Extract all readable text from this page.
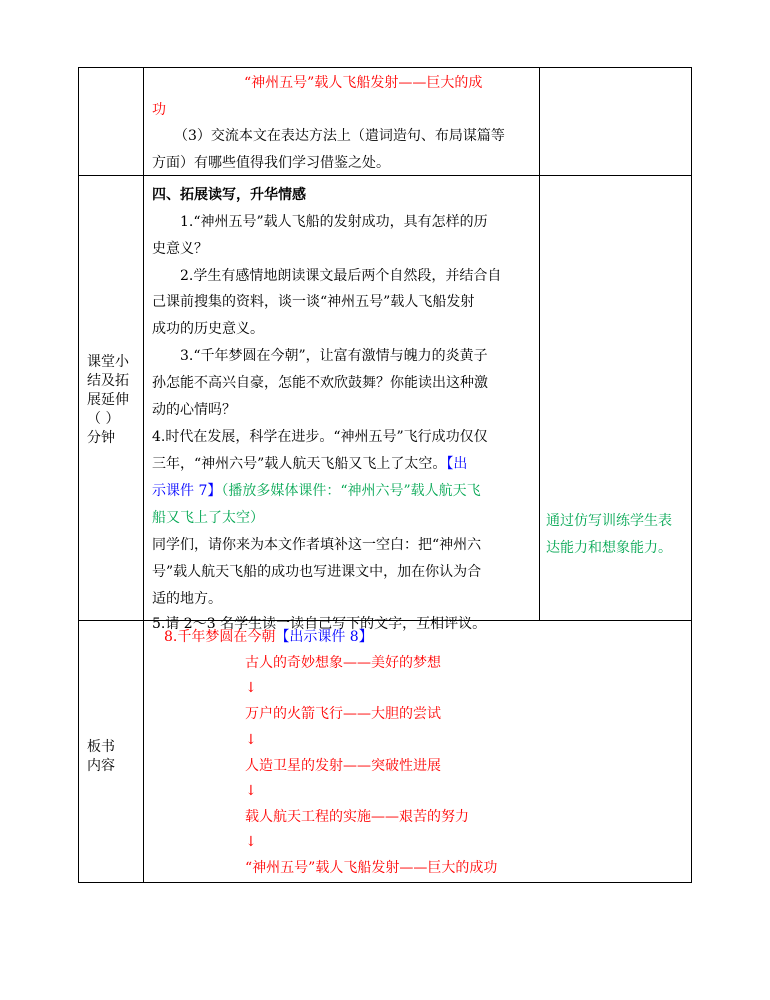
“神州五号”载人飞船发射——巨大的成
功
（3）交流本文在表达方法上（遣词造句、布局谋篇等
方面）有哪些值得我们学习借鉴之处。
课堂小
结及拓
展延伸
（ ）
分钟
四、拓展读写，升华情感
1.“神州五号”载人飞船的发射成功，具有怎样的历
史意义？
2.学生有感情地朗读课文最后两个自然段，并结合自
己课前搜集的资料，谈一谈“神州五号”载人飞船发射
成功的历史意义。
3.“千年梦圆在今朝”，让富有激情与魄力的炎黄子
孙怎能不高兴自豪，怎能不欢欣鼓舞？你能读出这种激
动的心情吗？
4.时代在发展，科学在进步。“神州五号”飞行成功仅仅
三年，“神州六号”载人航天飞船又飞上了太空。【出
示课件 7】（播放多媒体课件：“神州六号”载人航天飞
船又飞上了太空）
同学们，请你来为本文作者填补这一空白：把“神州六
号”载人航天飞船的成功也写进课文中，加在你认为合
适的地方。
5.请 2～3 名学生读一读自己写下的文字，互相评议。
通过仿写训练学生表
达能力和想象能力。
板书
内容
8.千年梦圆在今朝【出示课件 8】
古人的奇妙想象——美好的梦想
↓
万户的火箭飞行——大胆的尝试
↓
人造卫星的发射——突破性进展
↓
载人航天工程的实施——艰苦的努力
↓
“神州五号”载人飞船发射——巨大的成功
